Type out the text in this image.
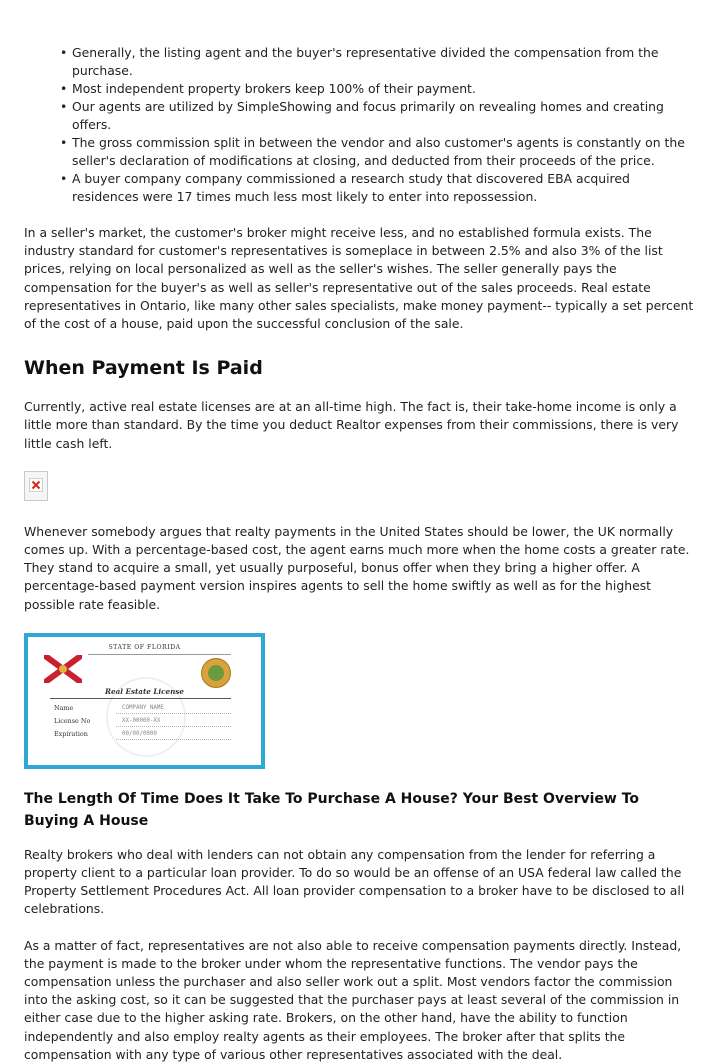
• Generally, the listing agent and the buyer's representative divided the compensation from the purchase.
• Most independent property brokers keep 100% of their payment.
• Our agents are utilized by SimpleShowing and focus primarily on revealing homes and creating offers.
• The gross commission split in between the vendor and also customer's agents is constantly on the seller's declaration of modifications at closing, and deducted from their proceeds of the price.
• A buyer company company commissioned a research study that discovered EBA acquired residences were 17 times much less most likely to enter into repossession.

In a seller's market, the customer's broker might receive less, and no established formula exists. The industry standard for customer's representatives is someplace in between 2.5% and also 3% of the list prices, relying on local personalized as well as the seller's wishes. The seller generally pays the compensation for the buyer's as well as seller's representative out of the sales proceeds. Real estate representatives in Ontario, like many other sales specialists, make money payment-- typically a set percent of the cost of a house, paid upon the successful conclusion of the sale.

When Payment Is Paid

Currently, active real estate licenses are at an all-time high. The fact is, their take-home income is only a little more than standard. By the time you deduct Realtor expenses from their commissions, there is very little cash left.

Whenever somebody argues that realty payments in the United States should be lower, the UK normally comes up. With a percentage-based cost, the agent earns much more when the home costs a greater rate. They stand to acquire a small, yet usually purposeful, bonus offer when they bring a higher offer. A percentage-based payment version inspires agents to sell the home swiftly as well as for the highest possible rate feasible.

STATE OF FLORIDA
Real Estate License
Name	COMPANY NAME
License No	XX-00000-XX
Expiration	00/00/0000
The Length Of Time Does It Take To Purchase A House? Your Best Overview To Buying A House

Realty brokers who deal with lenders can not obtain any compensation from the lender for referring a property client to a particular loan provider. To do so would be an offense of an USA federal law called the Property Settlement Procedures Act. All loan provider compensation to a broker have to be disclosed to all celebrations.

As a matter of fact, representatives are not also able to receive compensation payments directly. Instead, the payment is made to the broker under whom the representative functions. The vendor pays the compensation unless the purchaser and also seller work out a split. Most vendors factor the commission into the asking cost, so it can be suggested that the purchaser pays at least several of the commission in either case due to the higher asking rate. Brokers, on the other hand, have the ability to function independently and also employ realty agents as their employees. The broker after that splits the compensation with any type of various other representatives associated with the deal.
